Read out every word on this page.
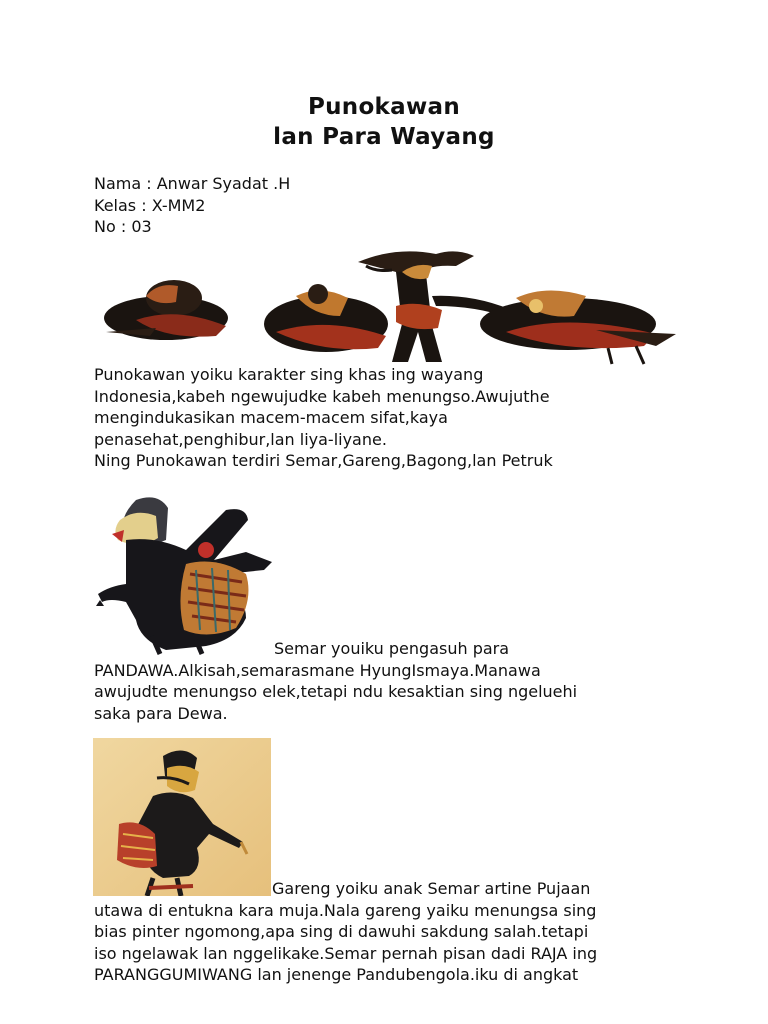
Punokawan
lan Para Wayang
Nama : Anwar Syadat .H
Kelas : X-MM2
No : 03
Punokawan yoiku karakter sing khas ing wayang
Indonesia,kabeh ngewujudke kabeh menungso.Awujuthe
mengindukasikan macem-macem sifat,kaya
penasehat,penghibur,lan liya-liyane.
Ning Punokawan terdiri Semar,Gareng,Bagong,lan Petruk
Semar youiku pengasuh para
PANDAWA.Alkisah,semarasmane HyungIsmaya.Manawa
awujudte menungso elek,tetapi ndu kesaktian sing ngeluehi
saka para Dewa.
Gareng yoiku anak Semar artine Pujaan
utawa di entukna kara muja.Nala gareng yaiku menungsa sing
bias pinter ngomong,apa sing di dawuhi sakdung salah.tetapi
iso ngelawak lan nggelikake.Semar pernah pisan dadi RAJA ing
PARANGGUMIWANG lan jenenge Pandubengola.iku di angkat
